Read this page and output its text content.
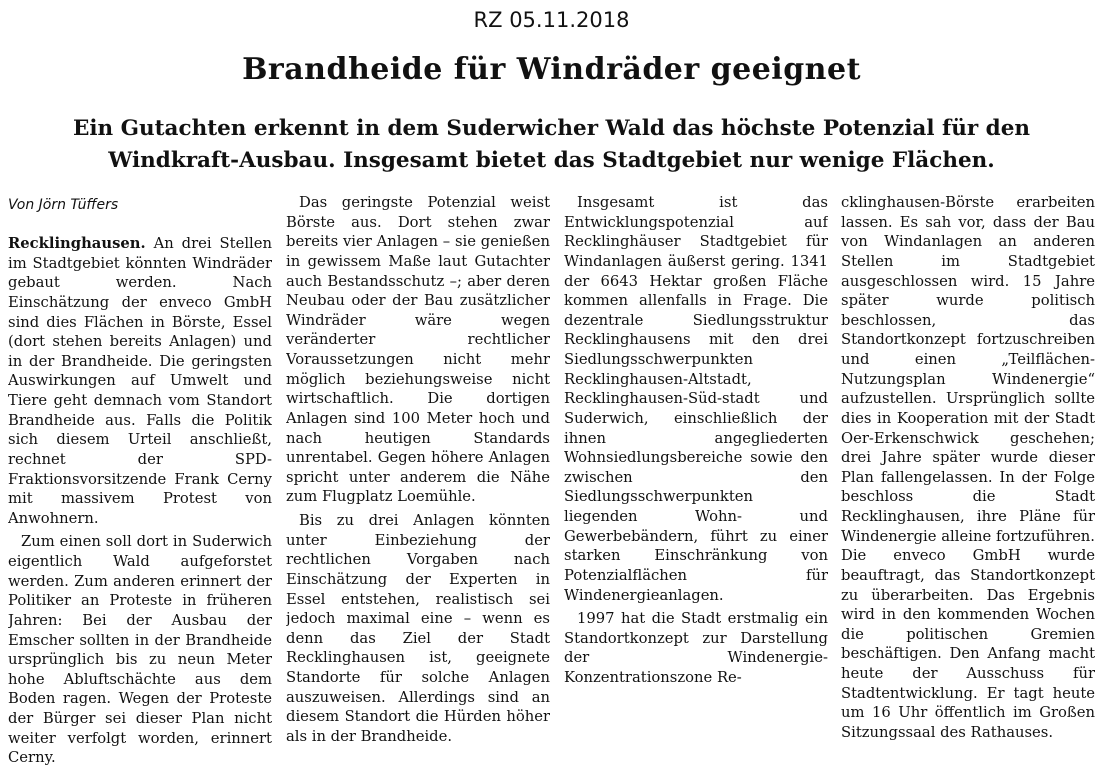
RZ 05.11.2018
Brandheide für Windräder geeignet
Ein Gutachten erkennt in dem Suderwicher Wald das höchste Potenzial für den Windkraft-Ausbau. Insgesamt bietet das Stadtgebiet nur wenige Flächen.
Von Jörn Tüffers

Recklinghausen. An drei Stellen im Stadtgebiet könnten Windräder gebaut werden. Nach Einschätzung der enveco GmbH sind dies Flächen in Börste, Essel (dort stehen bereits Anlagen) und in der Brandheide. Die geringsten Auswirkungen auf Umwelt und Tiere geht demnach vom Standort Brandheide aus. Falls die Politik sich diesem Urteil anschließt, rechnet der SPD-Fraktionsvorsitzende Frank Cerny mit massivem Protest von Anwohnern.

Zum einen soll dort in Suderwich eigentlich Wald aufgeforstet werden. Zum anderen erinnert der Politiker an Proteste in früheren Jahren: Bei der Ausbau der Emscher sollten in der Brandheide ursprünglich bis zu neun Meter hohe Abluftschächte aus dem Boden ragen. Wegen der Proteste der Bürger sei dieser Plan nicht weiter verfolgt worden, erinnert Cerny.

Das geringste Potenzial weist Börste aus. Dort stehen zwar bereits vier Anlagen – sie genießen in gewissem Maße laut Gutachter auch Bestandsschutz –; aber deren Neubau oder der Bau zusätzlicher Windräder wäre wegen veränderter rechtlicher Voraussetzungen nicht mehr möglich beziehungsweise nicht wirtschaftlich. Die dortigen Anlagen sind 100 Meter hoch und nach heutigen Standards unrentabel. Gegen höhere Anlagen spricht unter anderem die Nähe zum Flugplatz Loemühle.

Bis zu drei Anlagen könnten unter Einbeziehung der rechtlichen Vorgaben nach Einschätzung der Experten in Essel entstehen, realistisch sei jedoch maximal eine – wenn es denn das Ziel der Stadt Recklinghausen ist, geeignete Standorte für solche Anlagen auszuweisen. Allerdings sind an diesem Standort die Hürden höher als in der Brandheide.

Insgesamt ist das Entwicklungspotenzial auf Recklinghäuser Stadtgebiet für Windanlagen äußerst gering. 1341 der 6643 Hektar großen Fläche kommen allenfalls in Frage. Die dezentrale Siedlungsstruktur Recklinghausens mit den drei Siedlungsschwerpunkten Recklinghausen-Altstadt, Recklinghausen-Süd-stadt und Suderwich, einschließlich der ihnen angegliederten Wohnsiedlungsbereiche sowie den zwischen den Siedlungsschwerpunkten liegenden Wohn- und Gewerbebändern, führt zu einer starken Einschränkung von Potenzialflächen für Windenergieanlagen.

1997 hat die Stadt erstmalig ein Standortkonzept zur Darstellung der Windenergie-Konzentrationszone Re-

cklinghausen-Börste erarbeiten lassen. Es sah vor, dass der Bau von Windanlagen an anderen Stellen im Stadtgebiet ausgeschlossen wird. 15 Jahre später wurde politisch beschlossen, das Standortkonzept fortzuschreiben und einen „Teilflächen-Nutzungsplan Windenergie“ aufzustellen. Ursprünglich sollte dies in Kooperation mit der Stadt Oer-Erkenschwick geschehen; drei Jahre später wurde dieser Plan fallengelassen. In der Folge beschloss die Stadt Recklinghausen, ihre Pläne für Windenergie alleine fortzuführen. Die enveco GmbH wurde beauftragt, das Standortkonzept zu überarbeiten. Das Ergebnis wird in den kommenden Wochen die politischen Gremien beschäftigen. Den Anfang macht heute der Ausschuss für Stadtentwicklung. Er tagt heute um 16 Uhr öffentlich im Großen Sitzungssaal des Rathauses.
